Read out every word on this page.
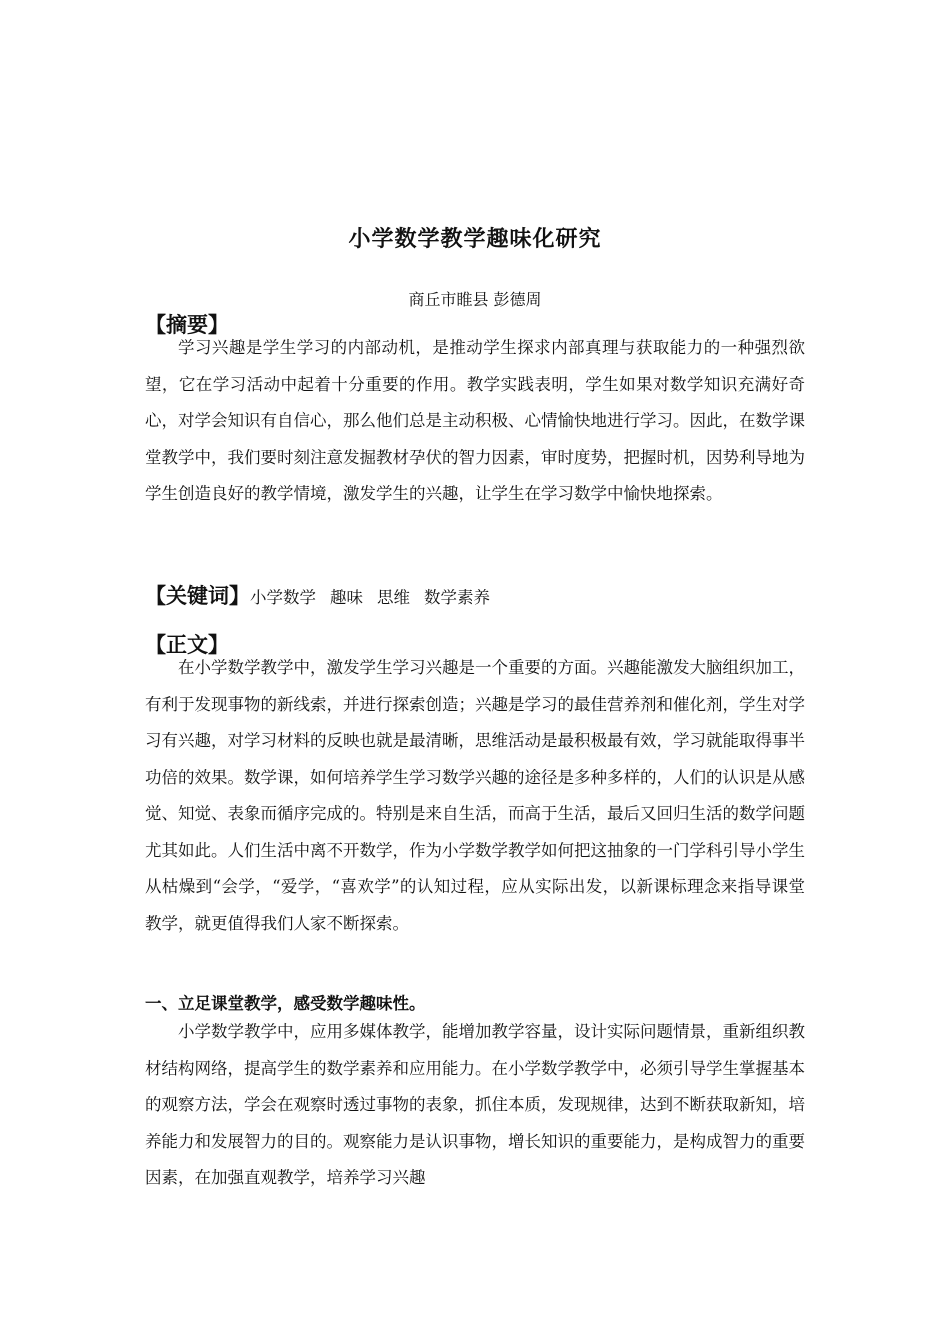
小学数学教学趣味化研究
商丘市睢县 彭德周
【摘要】

学习兴趣是学生学习的内部动机，是推动学生探求内部真理与获取能力的一种强烈欲望，它在学习活动中起着十分重要的作用。教学实践表明，学生如果对数学知识充满好奇心，对学会知识有自信心，那么他们总是主动积极、心情愉快地进行学习。因此，在数学课堂教学中，我们要时刻注意发掘教材孕伏的智力因素，审时度势，把握时机，因势利导地为学生创造良好的教学情境，激发学生的兴趣，让学生在学习数学中愉快地探索。

【关键词】小学数学 趣味 思维 数学素养
【正文】

在小学数学教学中，激发学生学习兴趣是一个重要的方面。兴趣能激发大脑组织加工，有利于发现事物的新线索，并进行探索创造；兴趣是学习的最佳营养剂和催化剂，学生对学习有兴趣，对学习材料的反映也就是最清晰，思维活动是最积极最有效，学习就能取得事半功倍的效果。数学课，如何培养学生学习数学兴趣的途径是多种多样的，人们的认识是从感觉、知觉、表象而循序完成的。特别是来自生活，而高于生活，最后又回归生活的数学问题尤其如此。人们生活中离不开数学，作为小学数学教学如何把这抽象的一门学科引导小学生从枯燥到“会学，“爱学，“喜欢学”的认知过程，应从实际出发，以新课标理念来指导课堂教学，就更值得我们人家不断探索。

一、立足课堂教学，感受数学趣味性。

小学数学教学中，应用多媒体教学，能增加教学容量，设计实际问题情景，重新组织教材结构网络，提高学生的数学素养和应用能力。在小学数学教学中，必须引导学生掌握基本的观察方法，学会在观察时透过事物的表象，抓住本质，发现规律，达到不断获取新知，培养能力和发展智力的目的。观察能力是认识事物，增长知识的重要能力，是构成智力的重要因素，在加强直观教学，培养学习兴趣
